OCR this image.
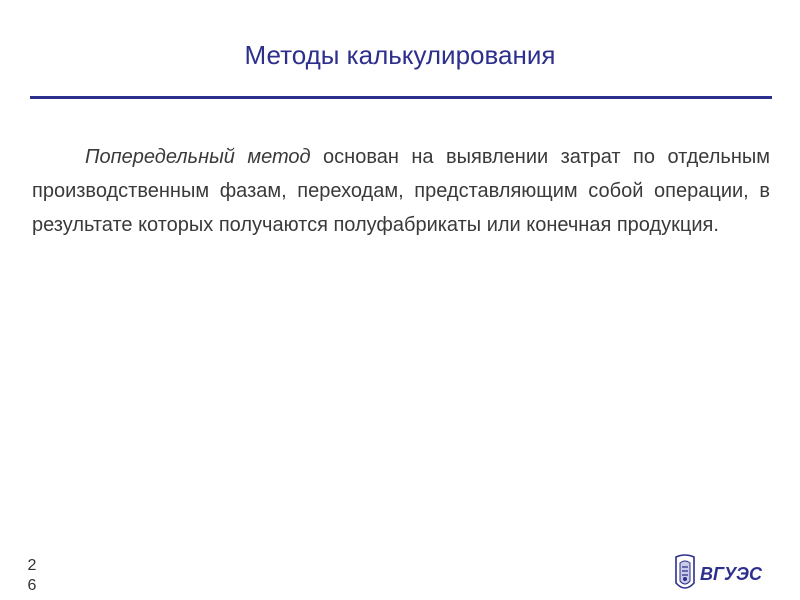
Методы калькулирования

Попередельный метод основан на выявлении затрат по отдельным производственным фазам, переходам, представляющим собой операции, в результате которых получаются полуфабрикаты или конечная продукция.

2
6
ВГУЭС
